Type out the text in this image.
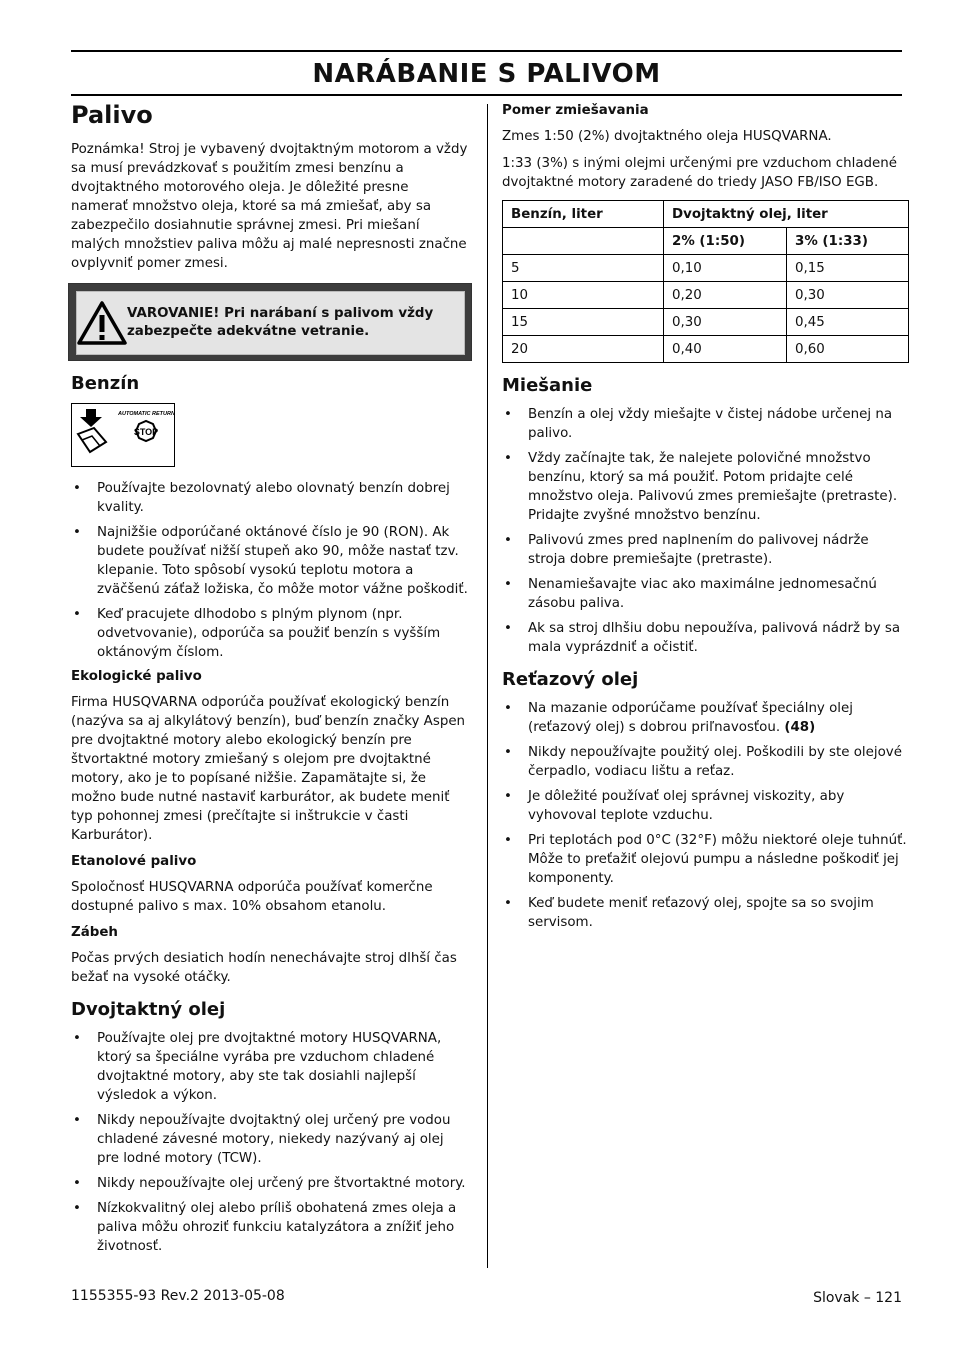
NARÁBANIE S PALIVOM
Palivo

Poznámka! Stroj je vybavený dvojtaktným motorom a vždy sa musí prevádzkovať s použitím zmesi benzínu a dvojtaktného motorového oleja. Je dôležité presne namerať množstvo oleja, ktoré sa má zmiešať, aby sa zabezpečilo dosiahnutie správnej zmesi. Pri miešaní malých množstiev paliva môžu aj malé nepresnosti značne ovplyvniť pomer zmesi.

VAROVANIE! Pri narábaní s palivom vždy zabezpečte adekvátne vetranie.
Benzín
STOP
AUTOMATIC RETURN
• Používajte bezolovnatý alebo olovnatý benzín dobrej kvality.
• Najnižšie odporúčané oktánové číslo je 90 (RON). Ak budete používať nižší stupeň ako 90, môže nastať tzv. klepanie. Toto spôsobí vysokú teplotu motora a zväčšenú záťaž ložiska, čo môže motor vážne poškodiť.
• Keď pracujete dlhodobo s plným plynom (npr. odvetvovanie), odporúča sa použiť benzín s vyšším oktánovým číslom.
Ekologické palivo

Firma HUSQVARNA odporúča používať ekologický benzín (nazýva sa aj alkylátový benzín), buď benzín značky Aspen pre dvojtaktné motory alebo ekologický benzín pre štvortaktné motory zmiešaný s olejom pre dvojtaktné motory, ako je to popísané nižšie. Zapamätajte si, že možno bude nutné nastaviť karburátor, ak budete meniť typ pohonnej zmesi (prečítajte si inštrukcie v časti Karburátor).

Etanolové palivo

Spoločnosť HUSQVARNA odporúča používať komerčne dostupné palivo s max. 10% obsahom etanolu.

Zábeh

Počas prvých desiatich hodín nenechávajte stroj dlhší čas bežať na vysoké otáčky.

Dvojtaktný olej
• Používajte olej pre dvojtaktné motory HUSQVARNA, ktorý sa špeciálne vyrába pre vzduchom chladené dvojtaktné motory, aby ste tak dosiahli najlepší výsledok a výkon.
• Nikdy nepoužívajte dvojtaktný olej určený pre vodou chladené závesné motory, niekedy nazývaný aj olej pre lodné motory (TCW).
• Nikdy nepoužívajte olej určený pre štvortaktné motory.
• Nízkokvalitný olej alebo príliš obohatená zmes oleja a paliva môžu ohroziť funkciu katalyzátora a znížiť jeho životnosť.
Pomer zmiešavania

Zmes 1:50 (2%) dvojtaktného oleja HUSQVARNA.

1:33 (3%) s inými olejmi určenými pre vzduchom chladené dvojtaktné motory zaradené do triedy JASO FB/ISO EGB.

Benzín, liter	Dvojtaktný olej, liter	
	2% (1:50)	3% (1:33)
5	0,10	0,15
10	0,20	0,30
15	0,30	0,45
20	0,40	0,60
Miešanie
• Benzín a olej vždy miešajte v čistej nádobe určenej na palivo.
• Vždy začínajte tak, že nalejete polovičné množstvo benzínu, ktorý sa má použiť. Potom pridajte celé množstvo oleja. Palivovú zmes premiešajte (pretraste). Pridajte zvyšné množstvo benzínu.
• Palivovú zmes pred naplnením do palivovej nádrže stroja dobre premiešajte (pretraste).
• Nenamiešavajte viac ako maximálne jednomesačnú zásobu paliva.
• Ak sa stroj dlhšiu dobu nepoužíva, palivová nádrž by sa mala vyprázdniť a očistiť.
Reťazový olej
• Na mazanie odporúčame používať špeciálny olej (reťazový olej) s dobrou priľnavosťou. (48)
• Nikdy nepoužívajte použitý olej. Poškodili by ste olejové čerpadlo, vodiacu lištu a reťaz.
• Je dôležité používať olej správnej viskozity, aby vyhovoval teplote vzduchu.
• Pri teplotách pod 0°C (32°F) môžu niektoré oleje tuhnúť. Môže to preťažiť olejovú pumpu a následne poškodiť jej komponenty.
• Keď budete meniť reťazový olej, spojte sa so svojim servisom.
1155355-93 Rev.2 2013-05-08	Slovak – 121
